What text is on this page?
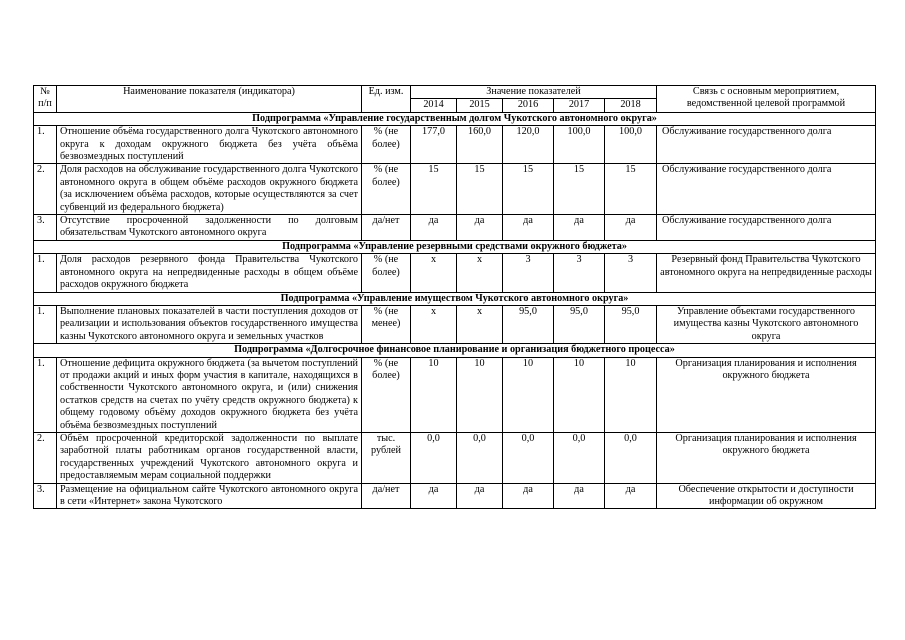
№ п/п	Наименование показателя (индикатора)	Ед. изм.	Значение показателей					Связь с основным мероприятием, ведомственной целевой программой
			2014	2015	2016	2017	2018	
Подпрограмма «Управление государственным долгом Чукотского автономного округа»								
1.	Отношение объёма государственного долга Чукотского автономного округа к доходам окружного бюджета без учёта объёма безвозмездных поступлений	% (не более)	177,0	160,0	120,0	100,0	100,0	Обслуживание государственного долга
2.	Доля расходов на обслуживание государственного долга Чукотского автономного округа в общем объёме расходов окружного бюджета (за исключением объёма расходов, которые осуществляются за счет субвенций из федерального бюджета)	% (не более)	15	15	15	15	15	Обслуживание государственного долга
3.	Отсутствие просроченной задолженности по долговым обязательствам Чукотского автономного округа	да/нет	да	да	да	да	да	Обслуживание государственного долга
Подпрограмма «Управление резервными средствами окружного бюджета»								
1.	Доля расходов резервного фонда Правительства Чукотского автономного округа на непредвиденные расходы в общем объёме расходов окружного бюджета	% (не более)	х	х	3	3	3	Резервный фонд Правительства Чукотского автономного округа на непредвиденные расходы
Подпрограмма «Управление имуществом Чукотского автономного округа»								
1.	Выполнение плановых показателей в части поступления доходов от реализации и использования объектов государственного имущества казны Чукотского автономного округа и земельных участков	% (не менее)	х	х	95,0	95,0	95,0	Управление объектами государственного имущества казны Чукотского автономного округа
Подпрограмма «Долгосрочное финансовое планирование и организация бюджетного процесса»								
1.	Отношение дефицита окружного бюджета (за вычетом поступлений от продажи акций и иных форм участия в капитале, находящихся в собственности Чукотского автономного округа, и (или) снижения остатков средств на счетах по учёту средств окружного бюджета) к общему годовому объёму доходов окружного бюджета без учёта объёма безвозмездных поступлений	% (не более)	10	10	10	10	10	Организация планирования и исполнения окружного бюджета
2.	Объём просроченной кредиторской задолженности по выплате заработной платы работникам органов государственной власти, государственных учреждений Чукотского автономного округа и предоставляемым мерам социальной поддержки	тыс. рублей	0,0	0,0	0,0	0,0	0,0	Организация планирования и исполнения окружного бюджета
3.	Размещение на официальном сайте Чукотского автономного округа в сети «Интернет» закона Чукотского	да/нет	да	да	да	да	да	Обеспечение открытости и доступности информации об окружном
